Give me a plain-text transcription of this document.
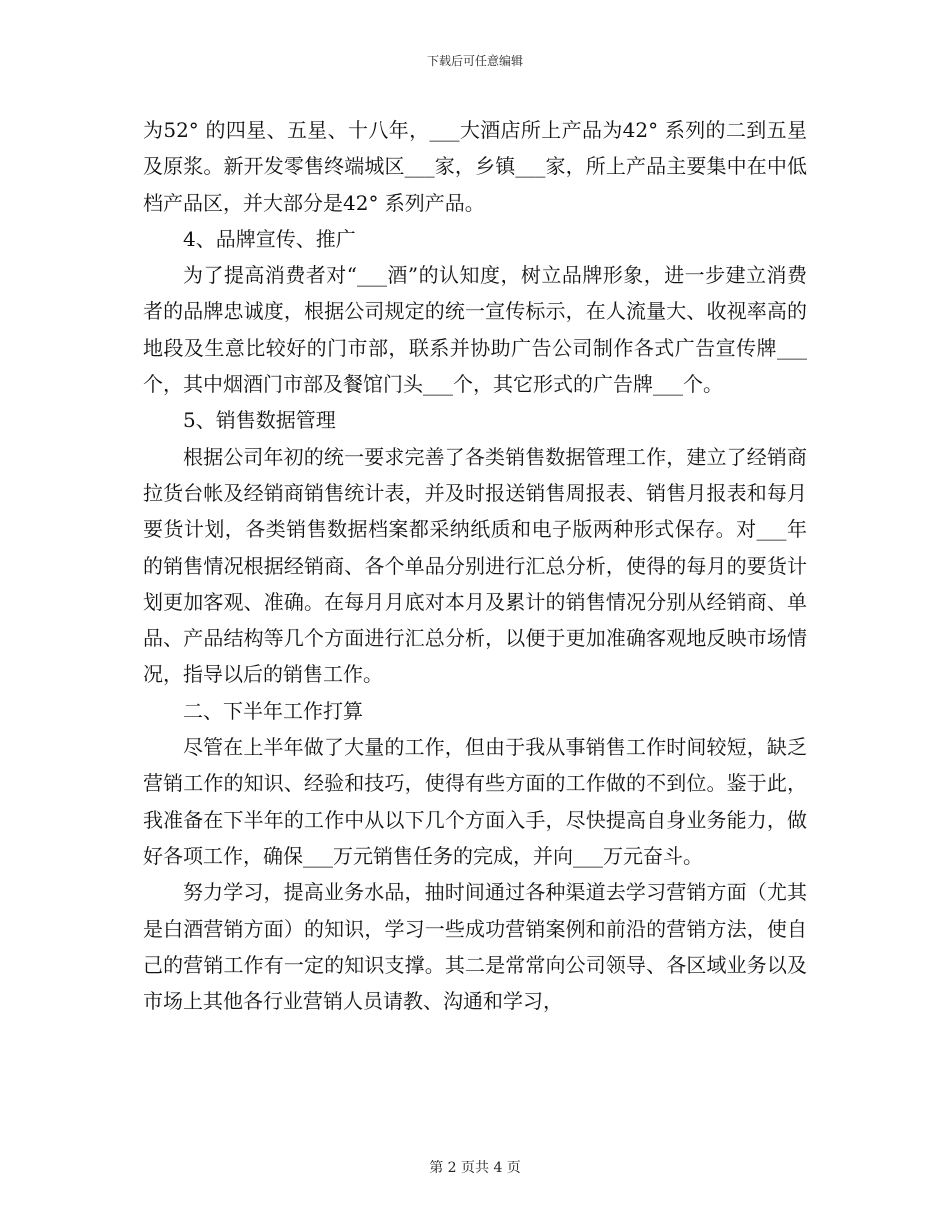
下载后可任意编辑

为52° 的四星、五星、十八年，___大酒店所上产品为42° 系列的二到五星及原浆。新开发零售终端城区___家，乡镇___家，所上产品主要集中在中低档产品区，并大部分是42° 系列产品。

4、品牌宣传、推广

为了提高消费者对“___酒”的认知度，树立品牌形象，进一步建立消费者的品牌忠诚度，根据公司规定的统一宣传标示，在人流量大、收视率高的地段及生意比较好的门市部，联系并协助广告公司制作各式广告宣传牌___个，其中烟酒门市部及餐馆门头___个，其它形式的广告牌___个。

5、销售数据管理

根据公司年初的统一要求完善了各类销售数据管理工作，建立了经销商拉货台帐及经销商销售统计表，并及时报送销售周报表、销售月报表和每月要货计划，各类销售数据档案都采纳纸质和电子版两种形式保存。对___年的销售情况根据经销商、各个单品分别进行汇总分析，使得的每月的要货计划更加客观、准确。在每月月底对本月及累计的销售情况分别从经销商、单品、产品结构等几个方面进行汇总分析，以便于更加准确客观地反映市场情况，指导以后的销售工作。

二、下半年工作打算

尽管在上半年做了大量的工作，但由于我从事销售工作时间较短，缺乏营销工作的知识、经验和技巧，使得有些方面的工作做的不到位。鉴于此，我准备在下半年的工作中从以下几个方面入手，尽快提高自身业务能力，做好各项工作，确保___万元销售任务的完成，并向___万元奋斗。

努力学习，提高业务水品，抽时间通过各种渠道去学习营销方面（尤其是白酒营销方面）的知识，学习一些成功营销案例和前沿的营销方法，使自己的营销工作有一定的知识支撑。其二是常常向公司领导、各区域业务以及市场上其他各行业营销人员请教、沟通和学习，

第 2 页共 4 页
